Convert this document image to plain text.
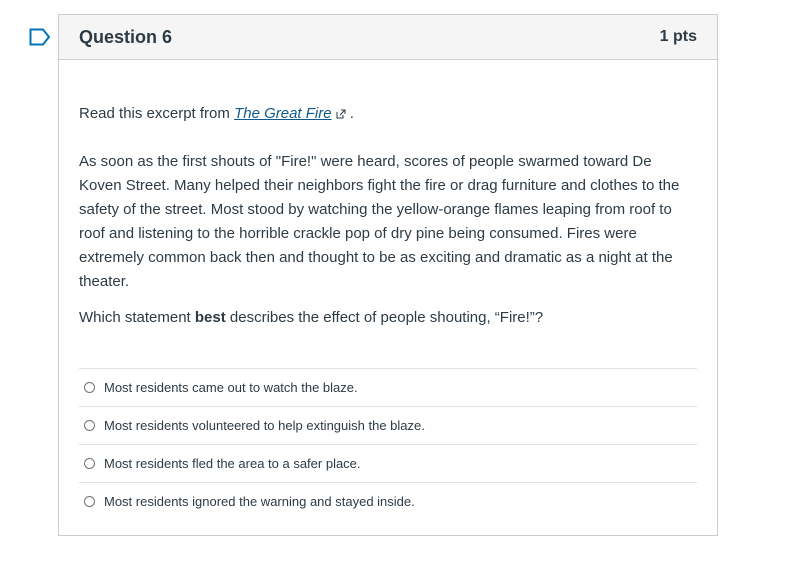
Question 6	1 pts

Read this excerpt from The Great Fire .

As soon as the first shouts of "Fire!" were heard, scores of people swarmed toward De Koven Street. Many helped their neighbors fight the fire or drag furniture and clothes to the safety of the street. Most stood by watching the yellow-orange flames leaping from roof to roof and listening to the horrible crackle pop of dry pine being consumed. Fires were extremely common back then and thought to be as exciting and dramatic as a night at the theater.

Which statement best describes the effect of people shouting, “Fire!”?

Most residents came out to watch the blaze.
Most residents volunteered to help extinguish the blaze.
Most residents fled the area to a safer place.
Most residents ignored the warning and stayed inside.
